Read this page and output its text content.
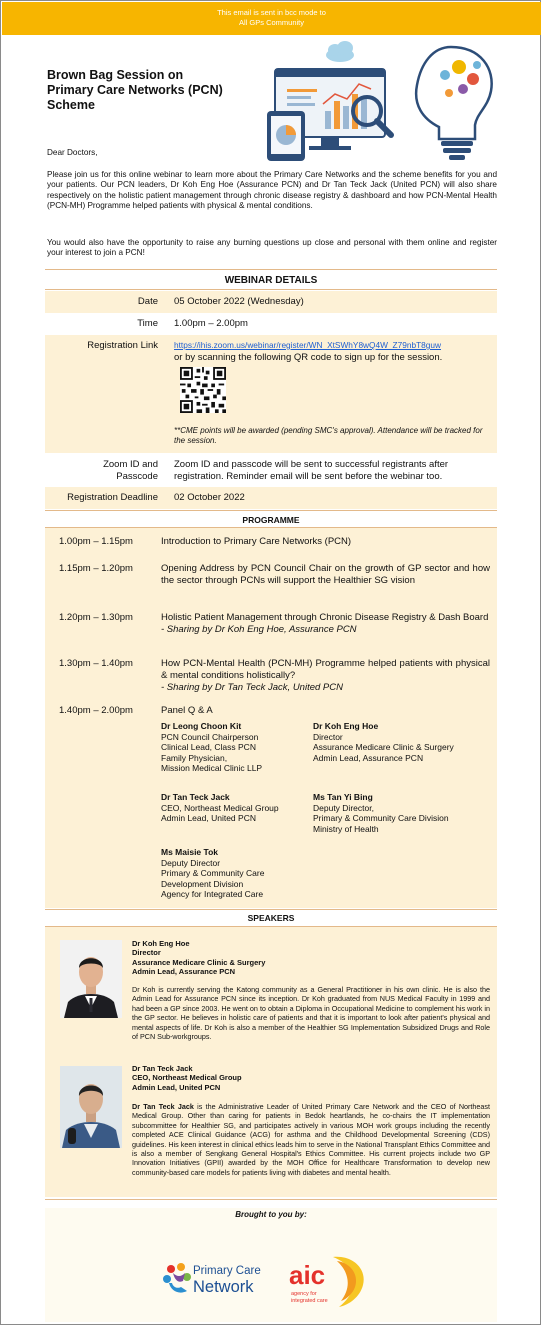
This email is sent in bcc mode to
All GPs Community
Brown Bag Session on
Primary Care Networks (PCN)
Scheme
Dear Doctors,
Please join us for this online webinar to learn more about the Primary Care Networks and the scheme benefits for you and your patients. Our PCN leaders, Dr Koh Eng Hoe (Assurance PCN) and Dr Tan Teck Jack (United PCN) will also share respectively on the holistic patient management through chronic disease registry & dashboard and how PCN-Mental Health (PCN-MH) Programme helped patients with physical & mental conditions.
You would also have the opportunity to raise any burning questions up close and personal with them online and register your interest to join a PCN!
WEBINAR DETAILS
Date 05 October 2022 (Wednesday)
Time 1.00pm – 2.00pm
Registration Link https://ihis.zoom.us/webinar/register/WN_XtSWhY8wQ4W_Z79nbT8guw
or by scanning the following QR code to sign up for the session.
**CME points will be awarded (pending SMC's approval). Attendance will be tracked for the session.
Zoom ID and
Passcode
Zoom ID and passcode will be sent to successful registrants after registration. Reminder email will be sent before the webinar too.
Registration Deadline 02 October 2022
PROGRAMME
1.00pm – 1.15pm	Introduction to Primary Care Networks (PCN)
1.15pm – 1.20pm	Opening Address by PCN Council Chair on the growth of GP sector and how the sector through PCNs will support the Healthier SG vision
1.20pm – 1.30pm	Holistic Patient Management through Chronic Disease Registry & Dash Board
- Sharing by Dr Koh Eng Hoe, Assurance PCN
1.30pm – 1.40pm	How PCN-Mental Health (PCN-MH) Programme helped patients with physical & mental conditions holistically?
- Sharing by Dr Tan Teck Jack, United PCN
1.40pm – 2.00pm	Panel Q & A
Dr Leong Choon Kit
PCN Council Chairperson
Clinical Lead, Class PCN
Family Physician,
Mission Medical Clinic LLP
Dr Koh Eng Hoe
Director
Assurance Medicare Clinic & Surgery
Admin Lead, Assurance PCN
Dr Tan Teck Jack
CEO, Northeast Medical Group
Admin Lead, United PCN
Ms Tan Yi Bing
Deputy Director,
Primary & Community Care Division
Ministry of Health
Ms Maisie Tok
Deputy Director
Primary & Community Care
Development Division
Agency for Integrated Care
SPEAKERS
Dr Koh Eng Hoe
Director
Assurance Medicare Clinic & Surgery
Admin Lead, Assurance PCN
Dr Koh is currently serving the Katong community as a General Practitioner in his own clinic. He is also the Admin Lead for Assurance PCN since its inception. Dr Koh graduated from NUS Medical Faculty in 1999 and had been a GP since 2003. He went on to obtain a Diploma in Occupational Medicine to complement his work in the GP sector. He believes in holistic care of patients and that it is important to look after patient's physical and mental aspects of life. Dr Koh is also a member of the Healthier SG Implementation Subsidized Drugs and Role of PCN Sub-workgroups.
Dr Tan Teck Jack
CEO, Northeast Medical Group
Admin Lead, United PCN
Dr Tan Teck Jack is the Administrative Leader of United Primary Care Network and the CEO of Northeast Medical Group. Other than caring for patients in Bedok heartlands, he co-chairs the IT implementation subcommittee for Healthier SG, and participates actively in various MOH work groups including the recently completed ACE Clinical Guidance (ACG) for asthma and the Childhood Developmental Screening (CDS) guidelines. His keen interest in clinical ethics leads him to serve in the National Transplant Ethics Committee and is also a member of Sengkang General Hospital's Ethics Committee. His current projects include two GP Innovation Initiatives (GPII) awarded by the MOH Office for Healthcare Transformation to develop new community-based care models for patients living with diabetes and mental health.
Brought to you by:
Primary Care
Network aic
agency for
integrated care
